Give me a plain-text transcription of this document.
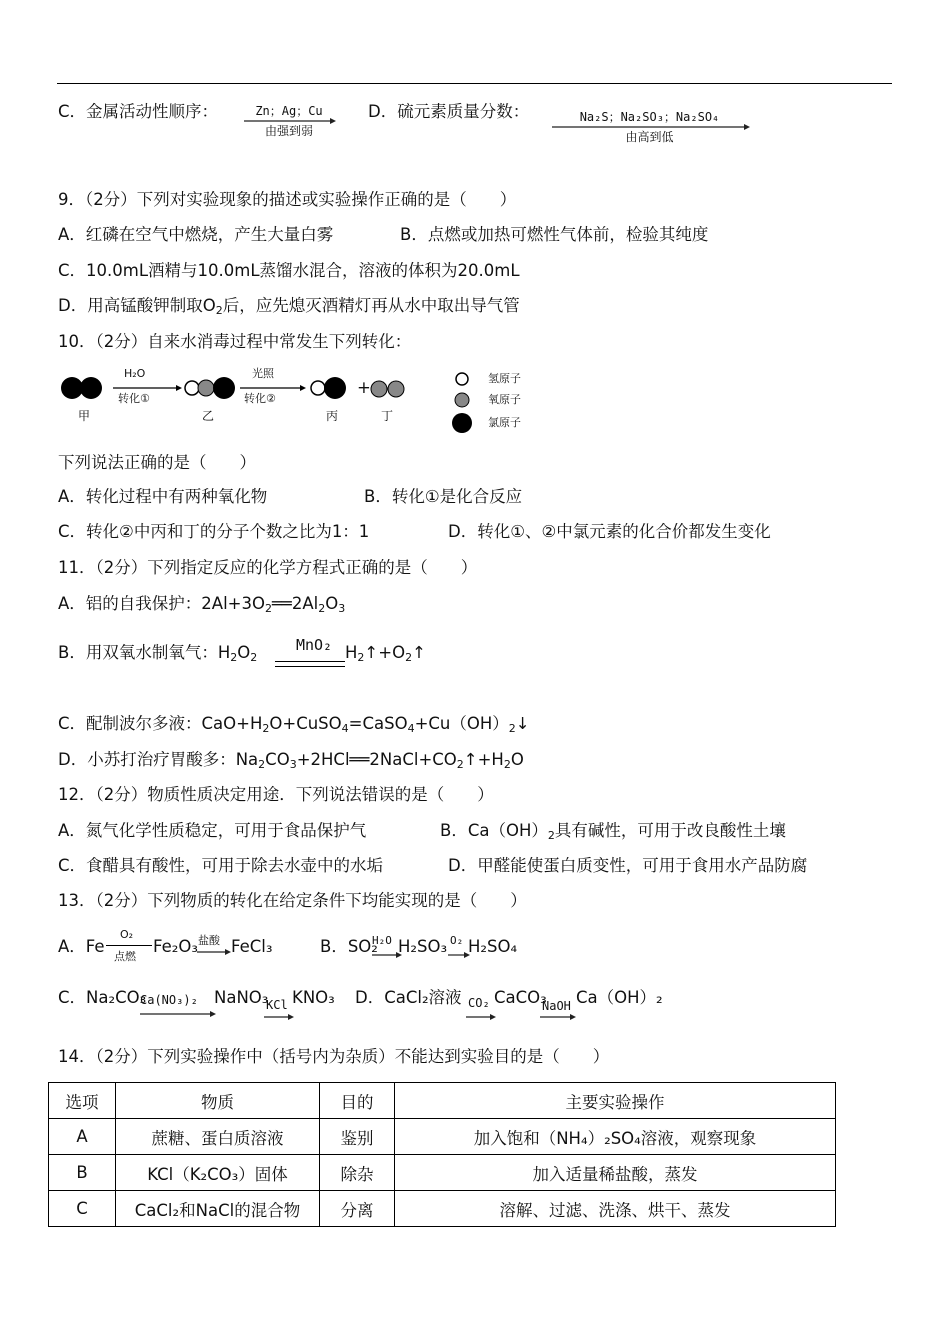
C．金属活动性顺序：	Zn；Ag；Cu
由强到弱
D．硫元素质量分数：	Na₂S；Na₂SO₃；Na₂SO₄
由高到低
9．（2分）下列对实验现象的描述或实验操作正确的是（　　）
A．红磷在空气中燃烧，产生大量白雾	B．点燃或加热可燃性气体前，检验其纯度
C．10.0mL酒精与10.0mL蒸馏水混合，溶液的体积为20.0mL
D．用高锰酸钾制取$O_2$后，应先熄灭酒精灯再从水中取出导气管
10．（2分）自来水消毒过程中常发生下列转化：
H₂O
转化①
光照
转化②
甲	乙	丙
+
丁
氢原子
氧原子
氯原子
下列说法正确的是（　　）
A．转化过程中有两种氧化物	B．转化①是化合反应
C．转化②中丙和丁的分子个数之比为1：1	D．转化①、②中氯元素的化合价都发生变化
11．（2分）下列指定反应的化学方程式正确的是（　　）
A．铝的自我保护：$2Al+3O_2══2Al_2O_3$
B．用双氧水制氧气：$H_2O_2$
MnO₂ $H_2↑+O_2↑$
C．配制波尔多液：$CaO+H_2O+CuSO_4=CaSO_4+Cu(OH)_2↓$
D．小苏打治疗胃酸多：$Na_2CO_3+2HCl══2NaCl+CO_2↑+H_2O$
12．（2分）物质性质决定用途．下列说法错误的是（　　）
A．氮气化学性质稳定，可用于食品保护气	B．$Ca(OH)_2$具有碱性，可用于改良酸性土壤
C．食醋具有酸性，可用于除去水壶中的水垢	D．甲醛能使蛋白质变性，可用于食用水产品防腐
13．（2分）下列物质的转化在给定条件下均能实现的是（　　）
A．Fe
O₂
点燃
Fe₂O₃ 盐酸 FeCl₃	B．SO₂
H₂O H₂SO₃ O₂ H₂SO₄
C．Na₂CO₃
Ca(NO₃)₂ NaNO₃
KCl KNO₃ D．CaCl₂溶液 CO₂ CaCO₃
NaOH Ca（OH）₂
14．（2分）下列实验操作中（括号内为杂质）不能达到实验目的是（　　）
选项	物质	目的	主要实验操作
A	蔗糖、蛋白质溶液	鉴别	加入饱和（NH₄）₂SO₄溶液，观察现象
B	KCl（K₂CO₃）固体	除杂	加入适量稀盐酸，蒸发
C	CaCl₂和NaCl的混合物	分离	溶解、过滤、洗涤、烘干、蒸发
